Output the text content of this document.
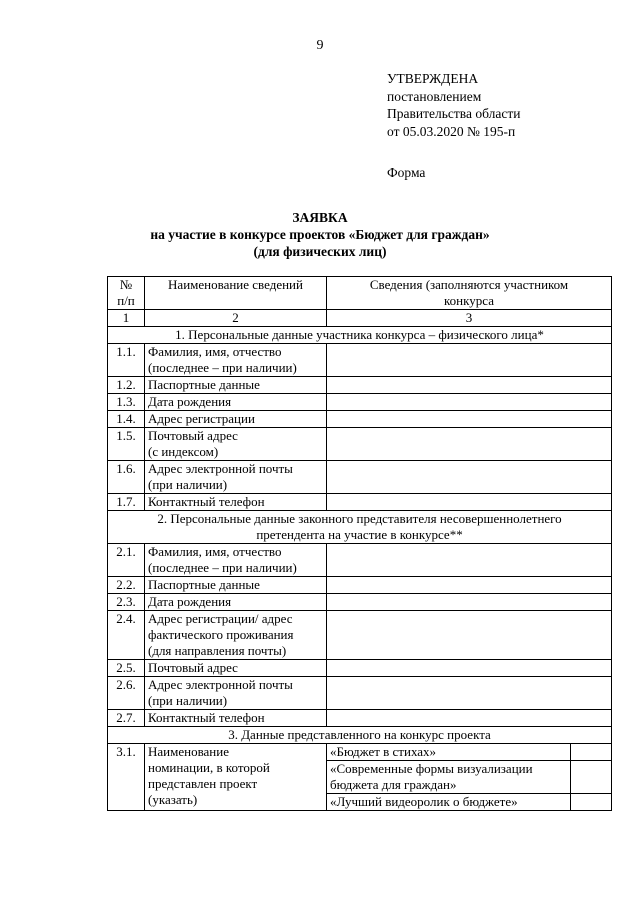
9
УТВЕРЖДЕНА
постановлением
Правительства области
от 05.03.2020 № 195-п
Форма
ЗАЯВКА
на участие в конкурсе проектов «Бюджет для граждан»
(для физических лиц)
№
п/п	Наименование сведений	Сведения (заполняются участником
конкурса	

1	2	3	
1. Персональные данные участника конкурса – физического лица*			
1.1.	Фамилия, имя, отчество
(последнее – при наличии)		

1.2.	Паспортные данные		
1.3.	Дата рождения		
1.4.	Адрес регистрации		
1.5.	Почтовый адрес
(с индексом)		

1.6.	Адрес электронной почты
(при наличии)		

1.7.	Контактный телефон		

2. Персональные данные законного представителя несовершеннолетнего
претендента на участие в конкурсе**			

2.1.	Фамилия, имя, отчество
(последнее – при наличии)		

2.2.	Паспортные данные		
2.3.	Дата рождения		
2.4.	Адрес регистрации/ адрес
фактического проживания
(для направления почты)		

2.5.	Почтовый адрес		
2.6.	Адрес электронной почты
(при наличии)		

2.7.	Контактный телефон		
3. Данные представленного на конкурс проекта			
3.1.	Наименование
номинации, в которой
представлен проект
(указать)	«Бюджет в стихах»	

		«Современные формы визуализации
бюджета для граждан»	

		«Лучший видеоролик о бюджете»	
